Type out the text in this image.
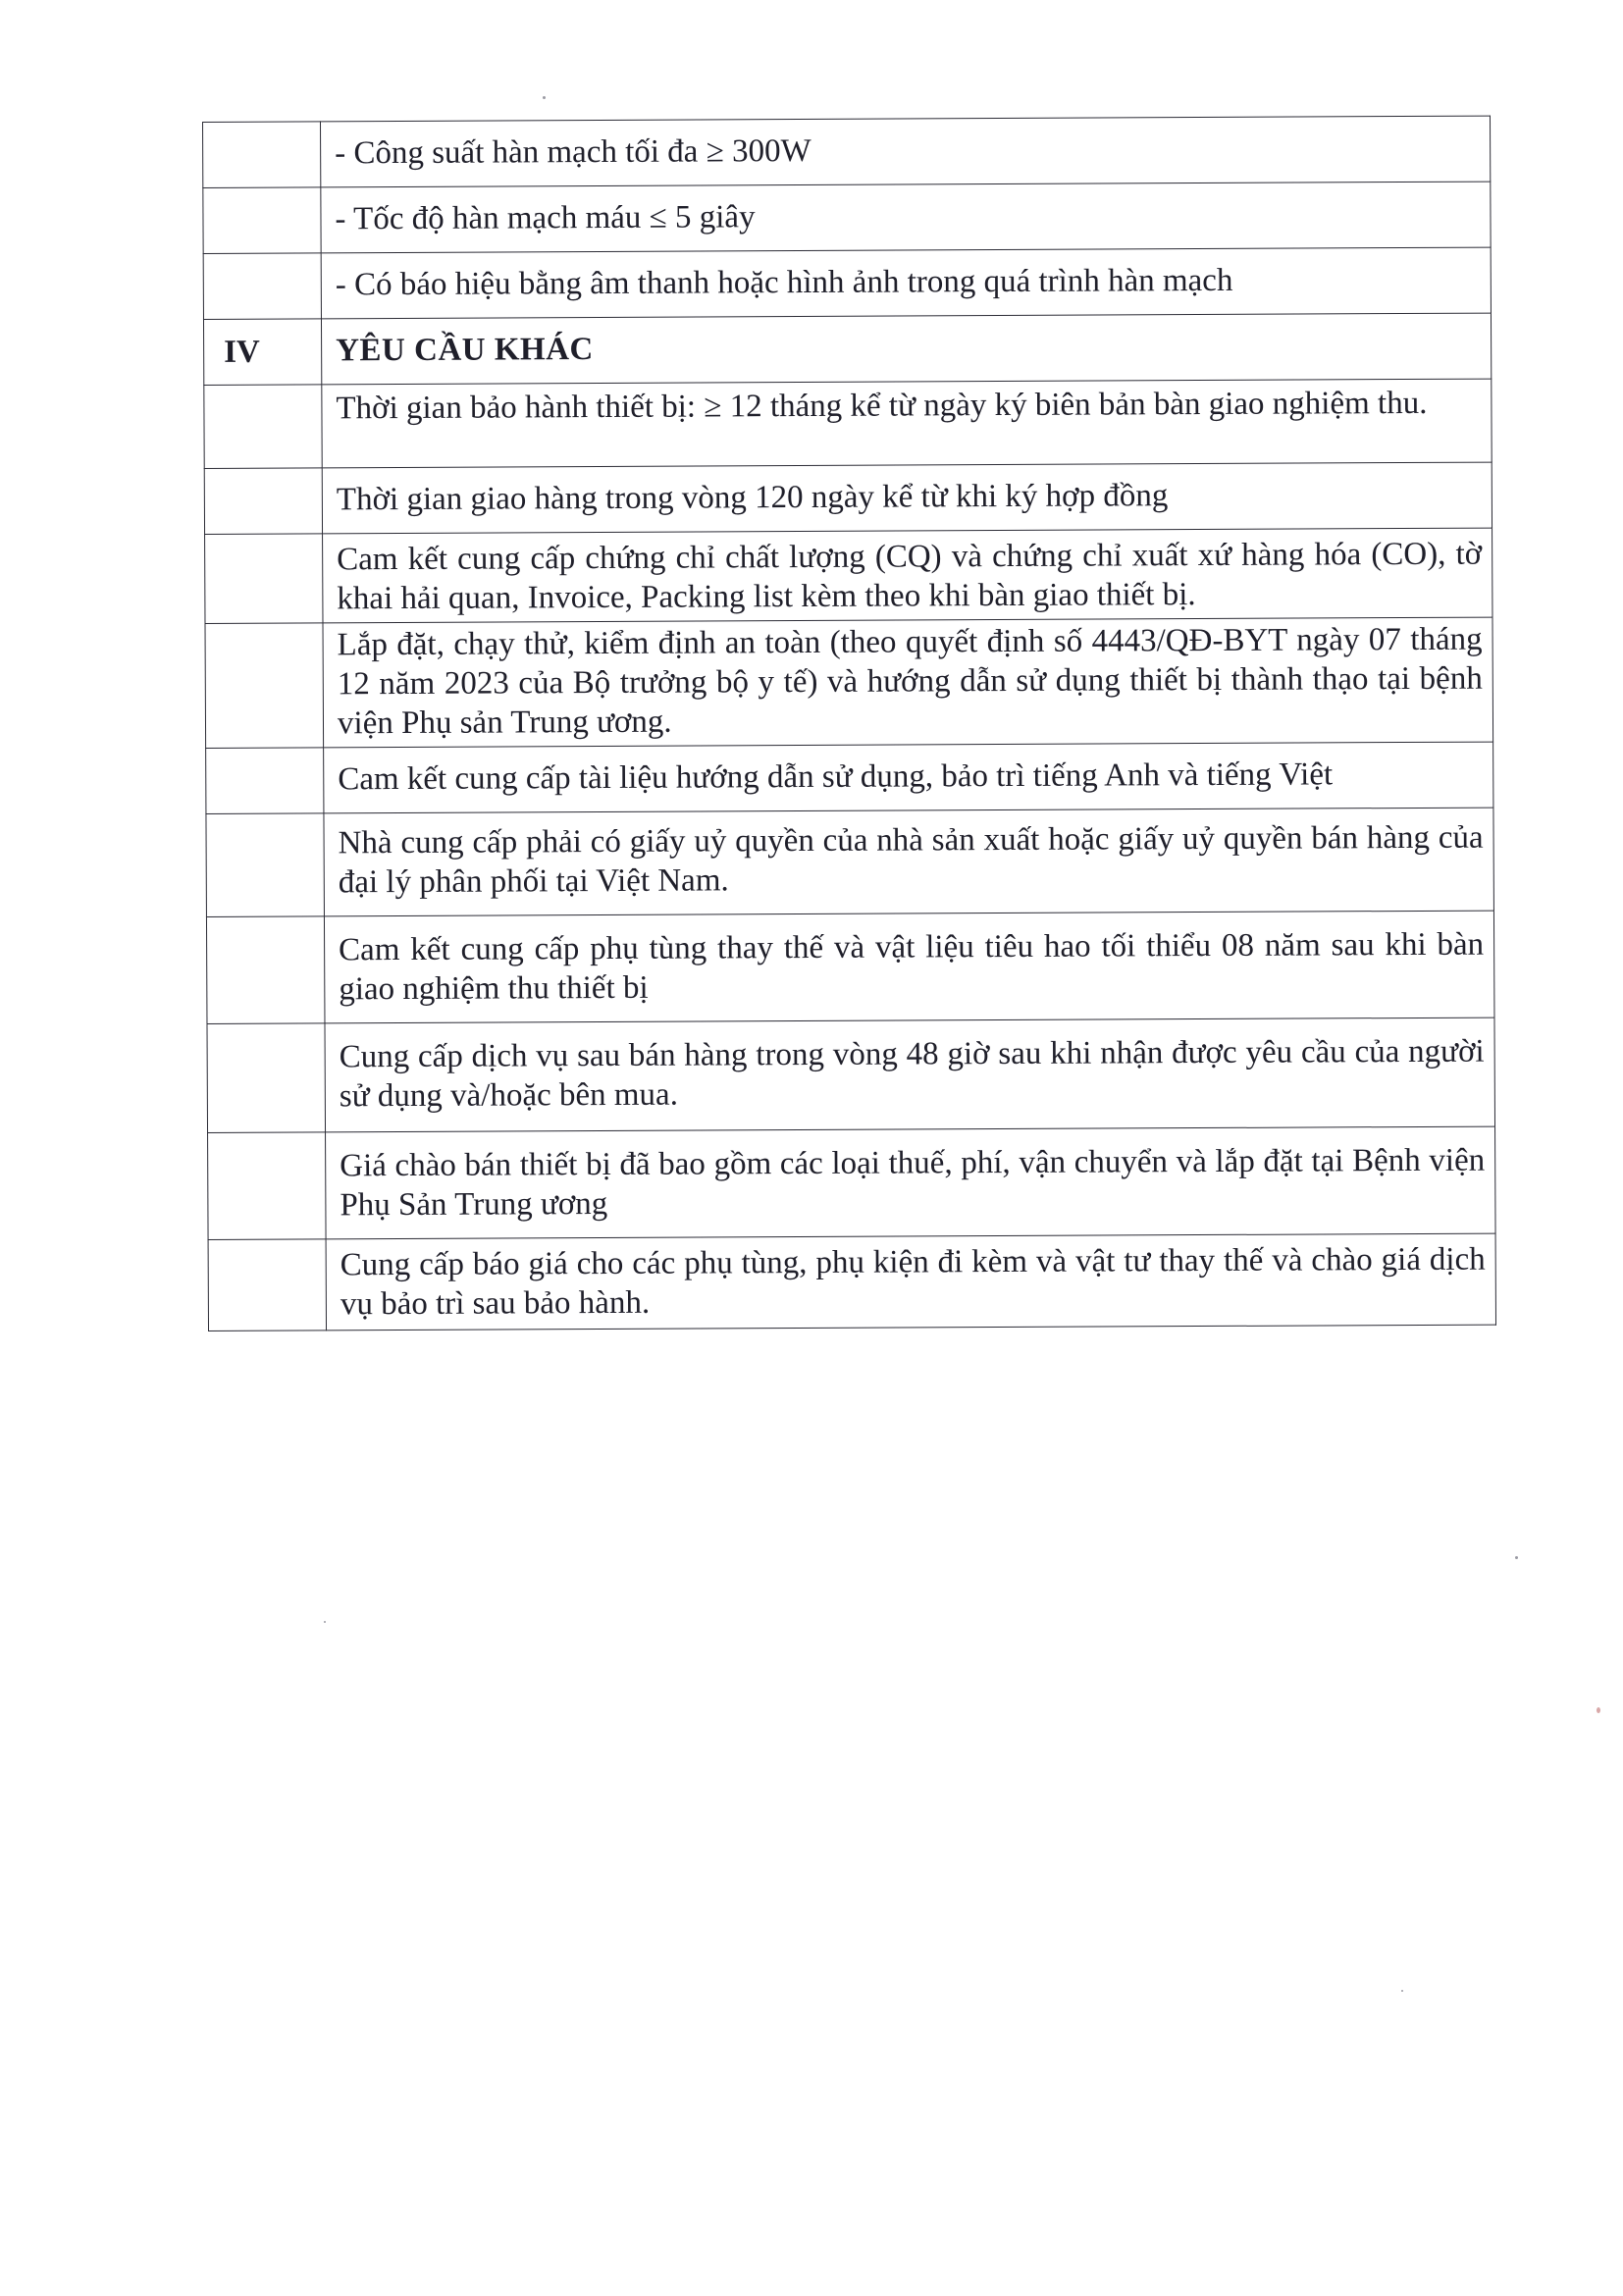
	- Công suất hàn mạch tối đa ≥ 300W

	- Tốc độ hàn mạch máu ≤ 5 giây

	- Có báo hiệu bằng âm thanh hoặc hình ảnh trong quá trình hàn mạch

IV	YÊU CẦU KHÁC

	Thời gian bảo hành thiết bị: ≥ 12 tháng kể từ ngày ký biên bản bàn giao nghiệm thu.

	Thời gian giao hàng trong vòng 120 ngày kể từ khi ký hợp đồng

	Cam kết cung cấp chứng chỉ chất lượng (CQ) và chứng chỉ xuất xứ hàng hóa (CO), tờ khai hải quan, Invoice, Packing list kèm theo khi bàn giao thiết bị.

	Lắp đặt, chạy thử, kiểm định an toàn (theo quyết định số 4443/QĐ-BYT ngày 07 tháng 12 năm 2023 của Bộ trưởng bộ y tế) và hướng dẫn sử dụng thiết bị thành thạo tại bệnh viện Phụ sản Trung ương.

	Cam kết cung cấp tài liệu hướng dẫn sử dụng, bảo trì tiếng Anh và tiếng Việt

	Nhà cung cấp phải có giấy uỷ quyền của nhà sản xuất hoặc giấy uỷ quyền bán hàng của đại lý phân phối tại Việt Nam.

	Cam kết cung cấp phụ tùng thay thế và vật liệu tiêu hao tối thiểu 08 năm sau khi bàn giao nghiệm thu thiết bị

	Cung cấp dịch vụ sau bán hàng trong vòng 48 giờ sau khi nhận được yêu cầu của người sử dụng và/hoặc bên mua.

	Giá chào bán thiết bị đã bao gồm các loại thuế, phí, vận chuyển và lắp đặt tại Bệnh viện Phụ Sản Trung ương

	Cung cấp báo giá cho các phụ tùng, phụ kiện đi kèm và vật tư thay thế và chào giá dịch vụ bảo trì sau bảo hành.
